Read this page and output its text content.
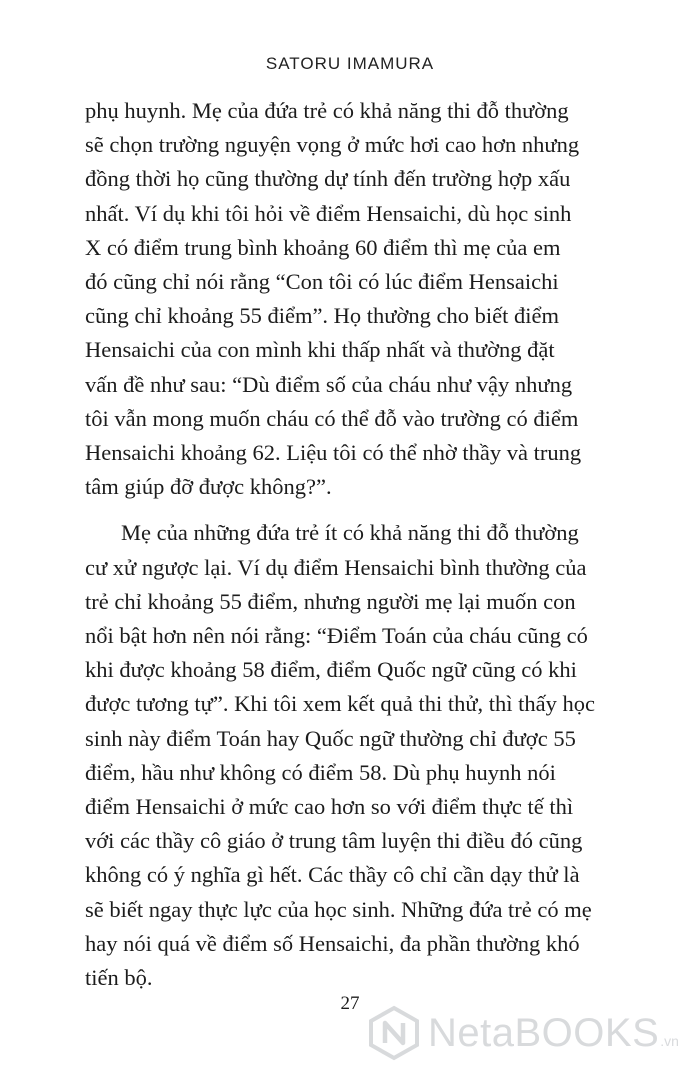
SATORU IMAMURA
phụ huynh. Mẹ của đứa trẻ có khả năng thi đỗ thường
sẽ chọn trường nguyện vọng ở mức hơi cao hơn nhưng
đồng thời họ cũng thường dự tính đến trường hợp xấu
nhất. Ví dụ khi tôi hỏi về điểm Hensaichi, dù học sinh
X có điểm trung bình khoảng 60 điểm thì mẹ của em
đó cũng chỉ nói rằng “Con tôi có lúc điểm Hensaichi
cũng chỉ khoảng 55 điểm”. Họ thường cho biết điểm
Hensaichi của con mình khi thấp nhất và thường đặt
vấn đề như sau: “Dù điểm số của cháu như vậy nhưng
tôi vẫn mong muốn cháu có thể đỗ vào trường có điểm
Hensaichi khoảng 62. Liệu tôi có thể nhờ thầy và trung
tâm giúp đỡ được không?”.
Mẹ của những đứa trẻ ít có khả năng thi đỗ thường
cư xử ngược lại. Ví dụ điểm Hensaichi bình thường của
trẻ chỉ khoảng 55 điểm, nhưng người mẹ lại muốn con
nổi bật hơn nên nói rằng: “Điểm Toán của cháu cũng có
khi được khoảng 58 điểm, điểm Quốc ngữ cũng có khi
được tương tự”. Khi tôi xem kết quả thi thử, thì thấy học
sinh này điểm Toán hay Quốc ngữ thường chỉ được 55
điểm, hầu như không có điểm 58. Dù phụ huynh nói
điểm Hensaichi ở mức cao hơn so với điểm thực tế thì
với các thầy cô giáo ở trung tâm luyện thi điều đó cũng
không có ý nghĩa gì hết. Các thầy cô chỉ cần dạy thử là
sẽ biết ngay thực lực của học sinh. Những đứa trẻ có mẹ
hay nói quá về điểm số Hensaichi, đa phần thường khó
tiến bộ.
27
NetaBOOKS .vn
